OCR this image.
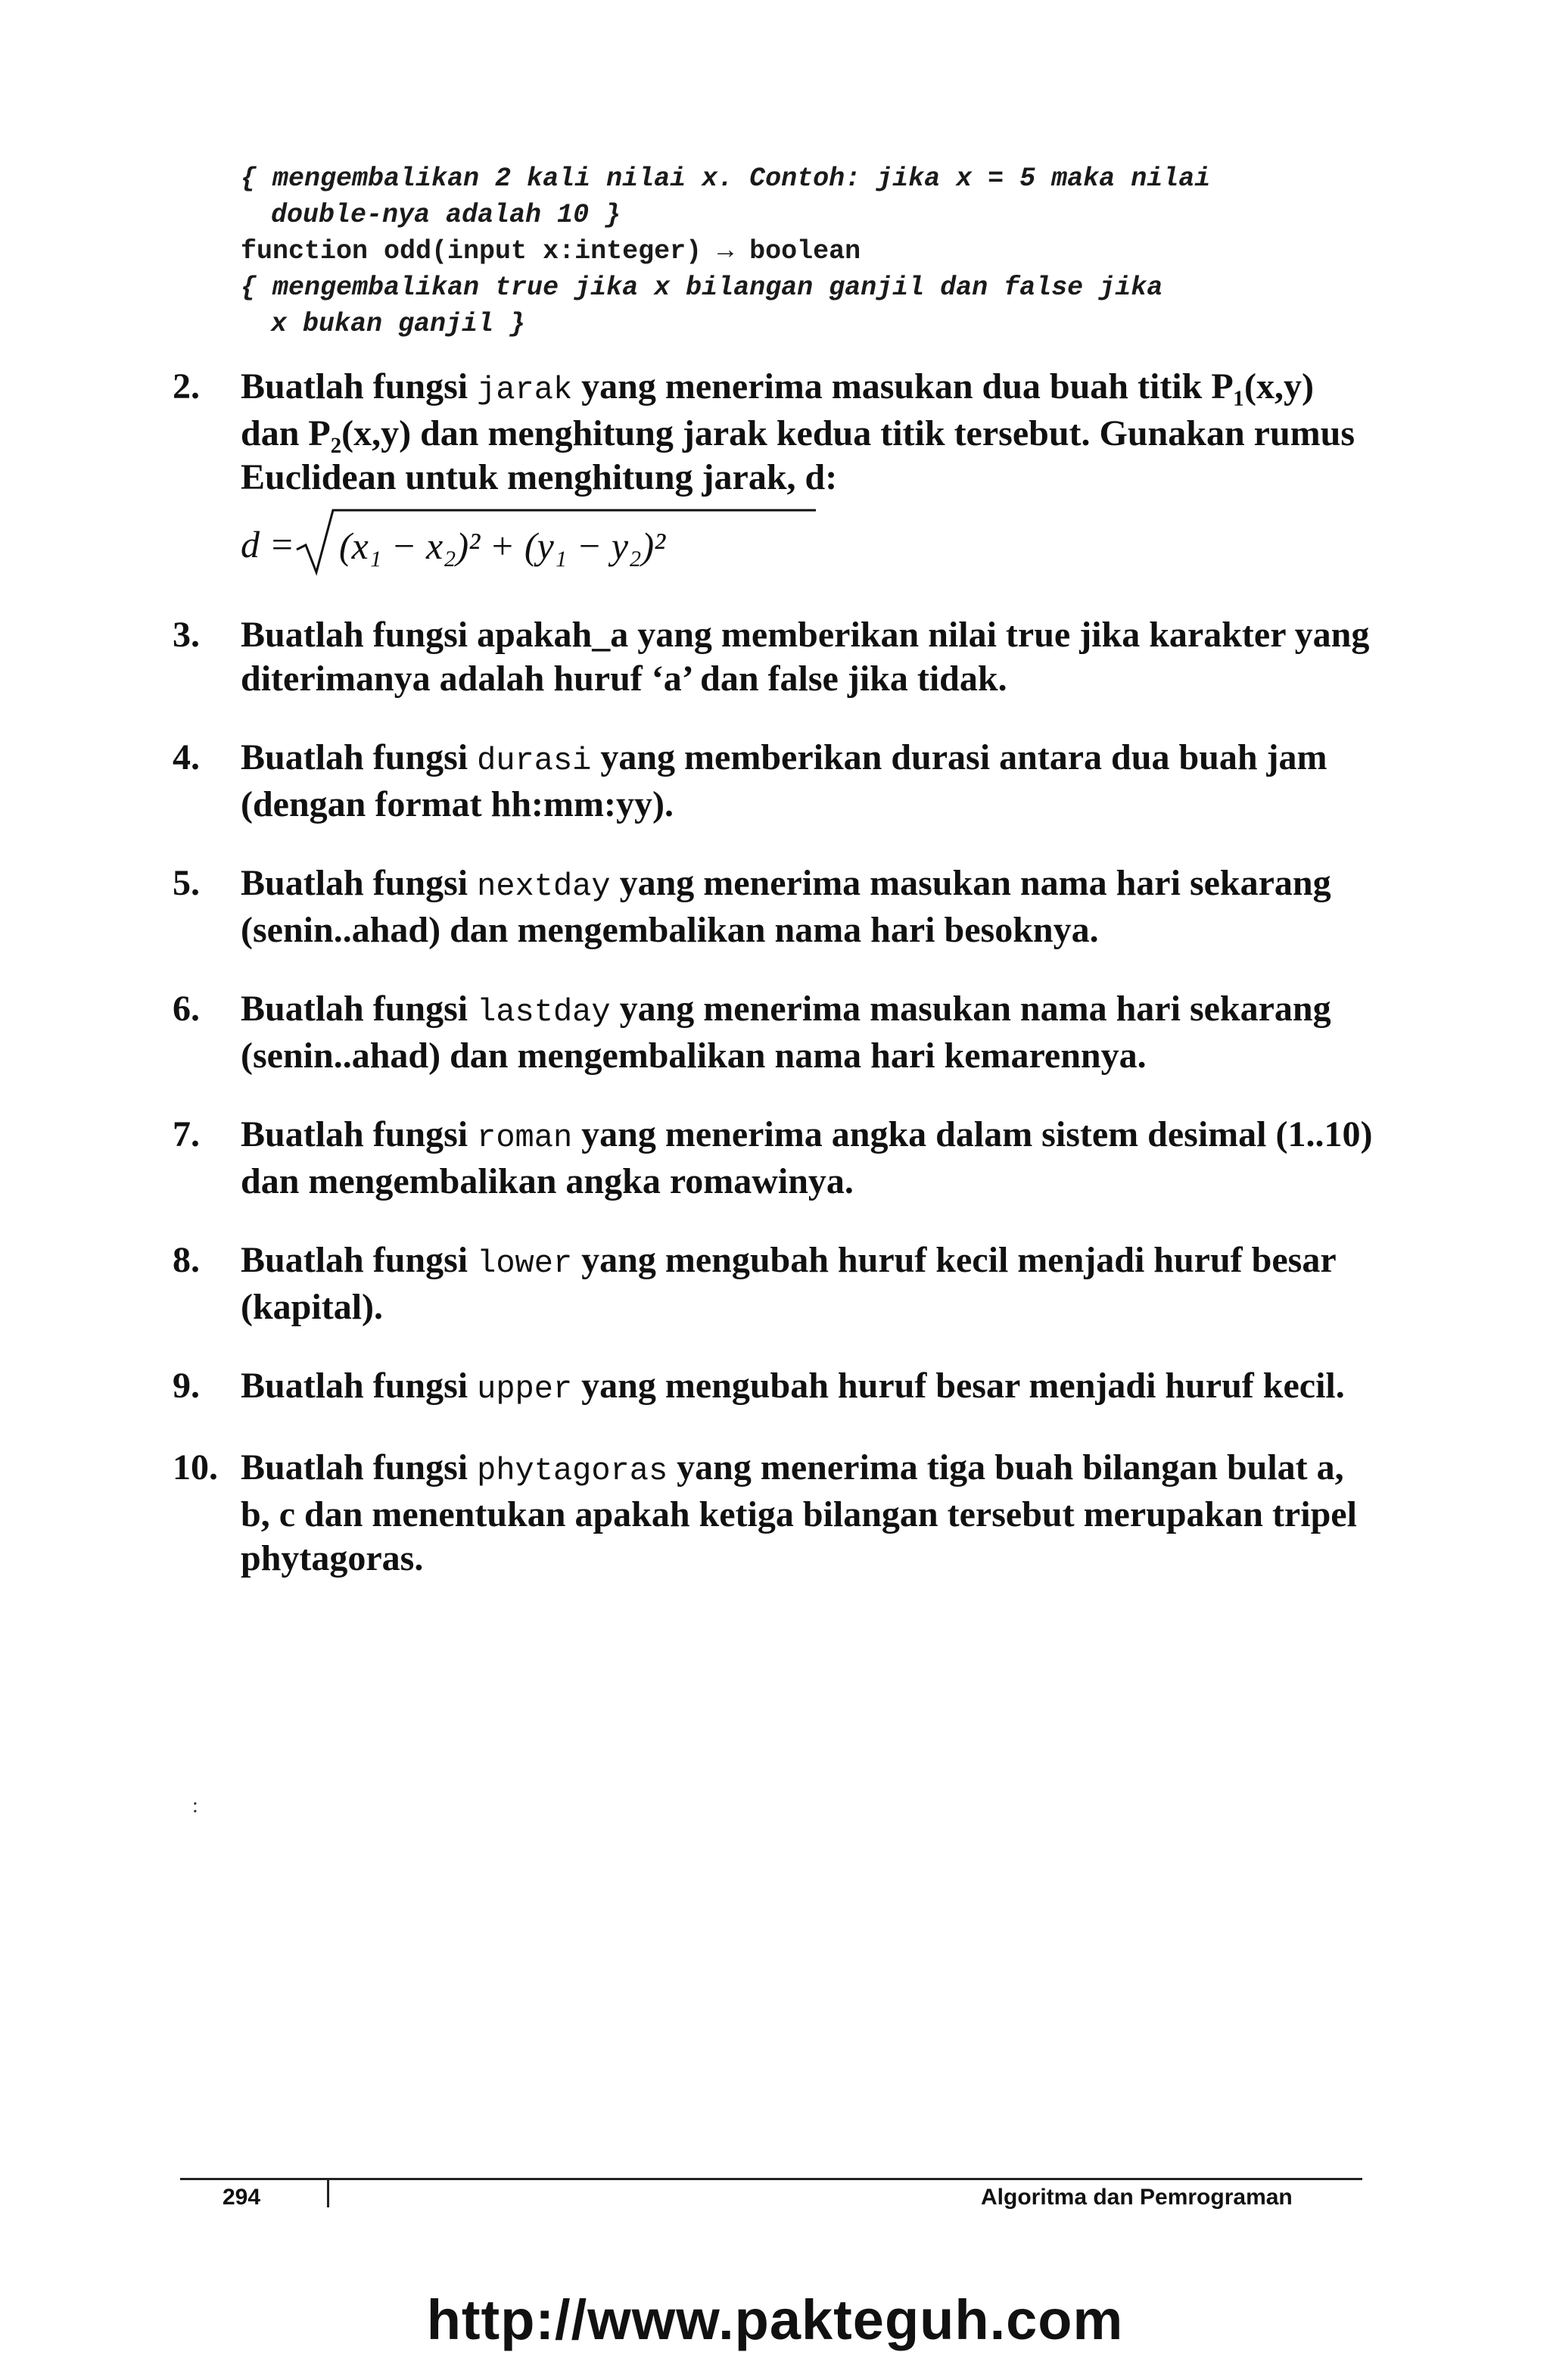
{ mengembalikan 2 kali nilai x. Contoh: jika x = 5 maka nilai
double-nya adalah 10 }
function odd(input x:integer) → boolean
{ mengembalikan true jika x bilangan ganjil dan false jika
x bukan ganjil }
2.	Buatlah fungsi jarak yang menerima masukan dua buah titik P₁(x,y) dan P₂(x,y) dan menghitung jarak kedua titik tersebut. Gunakan rumus Euclidean untuk menghitung jarak, d:
d = (x₁ − x₂)² + (y₁ − y₂)²
3.	Buatlah fungsi apakah_a yang memberikan nilai true jika karakter yang diterimanya adalah huruf ‘a’ dan false jika tidak.
4.	Buatlah fungsi durasi yang memberikan durasi antara dua buah jam (dengan format hh:mm:yy).
5.	Buatlah fungsi nextday yang menerima masukan nama hari sekarang (senin..ahad) dan mengembalikan nama hari besoknya.
6.	Buatlah fungsi lastday yang menerima masukan nama hari sekarang (senin..ahad) dan mengembalikan nama hari kemarennya.
7.	Buatlah fungsi roman yang menerima angka dalam sistem desimal (1..10) dan mengembalikan angka romawinya.
8.	Buatlah fungsi lower yang mengubah huruf kecil menjadi huruf besar (kapital).
9.	Buatlah fungsi upper yang mengubah huruf besar menjadi huruf kecil.
10. Buatlah fungsi phytagoras yang menerima tiga buah bilangan bulat a, b, c dan menentukan apakah ketiga bilangan tersebut merupakan tripel phytagoras.
:
294	Algoritma dan Pemrograman
http://www.pakteguh.com
